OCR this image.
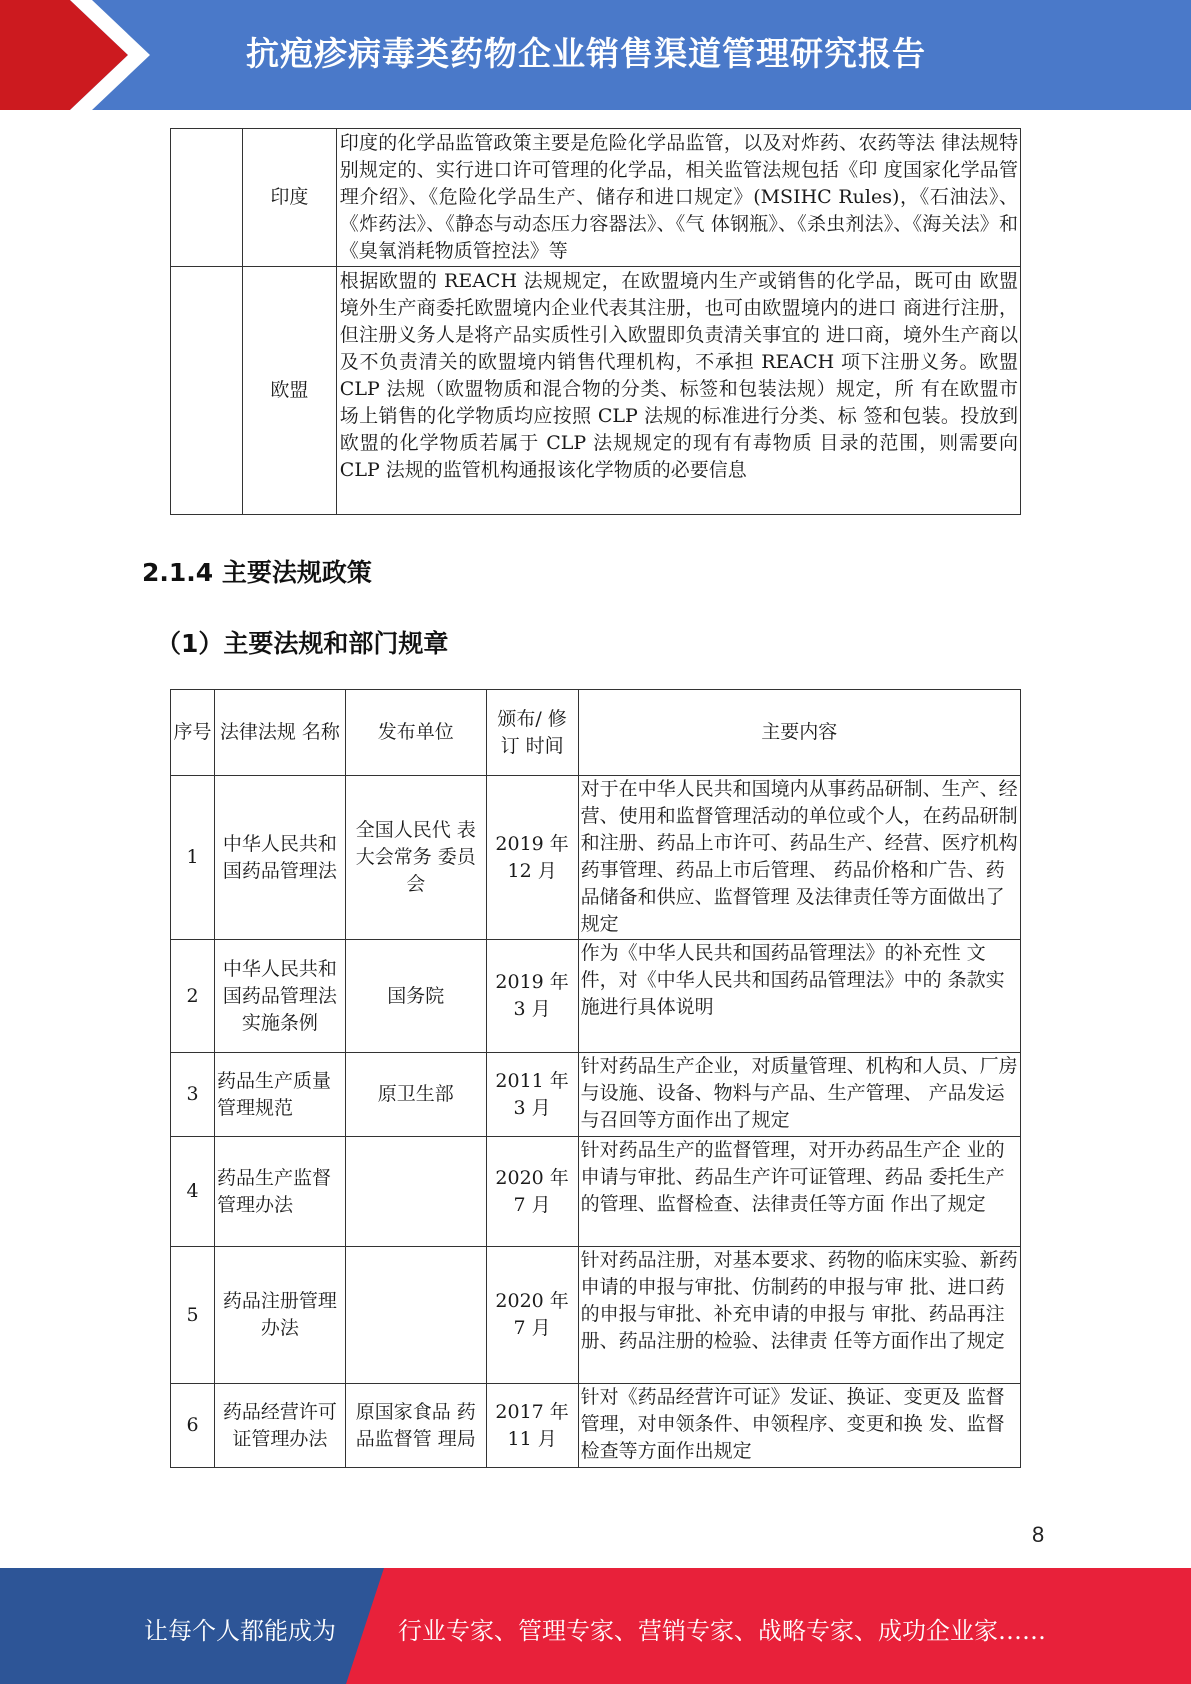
抗疱疹病毒类药物企业销售渠道管理研究报告
	印度	印度的化学品监管政策主要是危险化学品监管，以及对炸药、农药等法 律法规特别规定的、实行进口许可管理的化学品，相关监管法规包括《印 度国家化学品管理介绍》、《危险化学品生产、储存和进口规定》(MSIHC Rules)，《石油法》、《炸药法》、《静态与动态压力容器法》、《气 体钢瓶》、《杀虫剂法》、《海关法》和《臭氧消耗物质管控法》等
	欧盟	根据欧盟的 REACH 法规规定，在欧盟境内生产或销售的化学品，既可由 欧盟境外生产商委托欧盟境内企业代表其注册，也可由欧盟境内的进口 商进行注册，但注册义务人是将产品实质性引入欧盟即负责清关事宜的 进口商，境外生产商以及不负责清关的欧盟境内销售代理机构，不承担 REACH 项下注册义务。欧盟 CLP 法规（欧盟物质和混合物的分类、标签和包装法规）规定，所 有在欧盟市场上销售的化学物质均应按照 CLP 法规的标准进行分类、标 签和包装。投放到欧盟的化学物质若属于 CLP 法规规定的现有有毒物质 目录的范围，则需要向 CLP 法规的监管机构通报该化学物质的必要信息
2.1.4 主要法规政策
（1）主要法规和部门规章
序号	法律法规 名称	发布单位	颁布/ 修订 时间	主要内容
1	中华人民共和国药品管理法	全国人民代 表大会常务 委员会	2019 年 12 月	对于在中华人民共和国境内从事药品研制、生产、经营、使用和监督管理活动的单位或个人，在药品研制和注册、药品上市许可、药品生产、经营、医疗机构药事管理、药品上市后管理、 药品价格和广告、药品储备和供应、监督管理 及法律责任等方面做出了规定
2	中华人民共和国药品管理法实施条例	国务院	2019 年 3 月	作为《中华人民共和国药品管理法》的补充性 文件，对《中华人民共和国药品管理法》中的 条款实施进行具体说明
3	药品生产质量管理规范	原卫生部	2011 年 3 月	针对药品生产企业，对质量管理、机构和人员、厂房与设施、设备、物料与产品、生产管理、 产品发运与召回等方面作出了规定
4	药品生产监督管理办法		2020 年 7 月	针对药品生产的监督管理，对开办药品生产企 业的申请与审批、药品生产许可证管理、药品 委托生产的管理、监督检查、法律责任等方面 作出了规定
5	药品注册管理办法		2020 年 7 月	针对药品注册，对基本要求、药物的临床实验、新药申请的申报与审批、仿制药的申报与审 批、进口药的申报与审批、补充申请的申报与 审批、药品再注册、药品注册的检验、法律责 任等方面作出了规定
6	药品经营许可证管理办法	原国家食品 药品监督管 理局	2017 年 11 月	针对《药品经营许可证》发证、换证、变更及 监督管理，对申领条件、申领程序、变更和换 发、监督检查等方面作出规定
8
让每个人都能成为	行业专家、管理专家、营销专家、战略专家、成功企业家……
